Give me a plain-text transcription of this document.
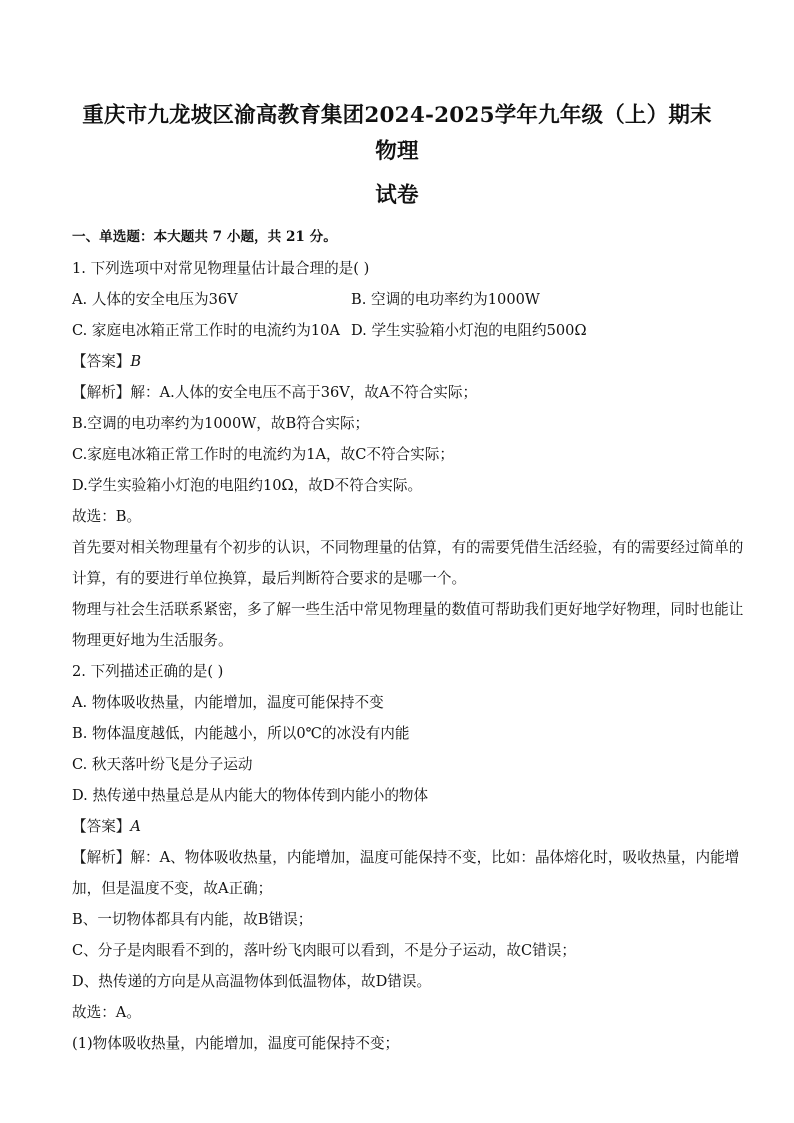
重庆市九龙坡区渝高教育集团2024-2025学年九年级（上）期末物理
试卷
一、单选题：本大题共 7 小题，共 21 分。
1. 下列选项中对常见物理量估计最合理的是( )
A. 人体的安全电压为36V	B. 空调的电功率约为1000W
C. 家庭电冰箱正常工作时的电流约为10A D. 学生实验箱小灯泡的电阻约500Ω
【答案】B
【解析】解：A.人体的安全电压不高于36V，故A不符合实际；
B.空调的电功率约为1000W，故B符合实际；
C.家庭电冰箱正常工作时的电流约为1A，故C不符合实际；
D.学生实验箱小灯泡的电阻约10Ω，故D不符合实际。
故选：B。
首先要对相关物理量有个初步的认识，不同物理量的估算，有的需要凭借生活经验，有的需要经过简单的
计算，有的要进行单位换算，最后判断符合要求的是哪一个。
物理与社会生活联系紧密，多了解一些生活中常见物理量的数值可帮助我们更好地学好物理，同时也能让
物理更好地为生活服务。
2. 下列描述正确的是( )
A. 物体吸收热量，内能增加，温度可能保持不变
B. 物体温度越低，内能越小，所以0℃的冰没有内能
C. 秋天落叶纷飞是分子运动
D. 热传递中热量总是从内能大的物体传到内能小的物体
【答案】A
【解析】解：A、物体吸收热量，内能增加，温度可能保持不变，比如：晶体熔化时，吸收热量，内能增
加，但是温度不变，故A正确；
B、一切物体都具有内能，故B错误；
C、分子是肉眼看不到的，落叶纷飞肉眼可以看到，不是分子运动，故C错误；
D、热传递的方向是从高温物体到低温物体，故D错误。
故选：A。
(1)物体吸收热量，内能增加，温度可能保持不变；
